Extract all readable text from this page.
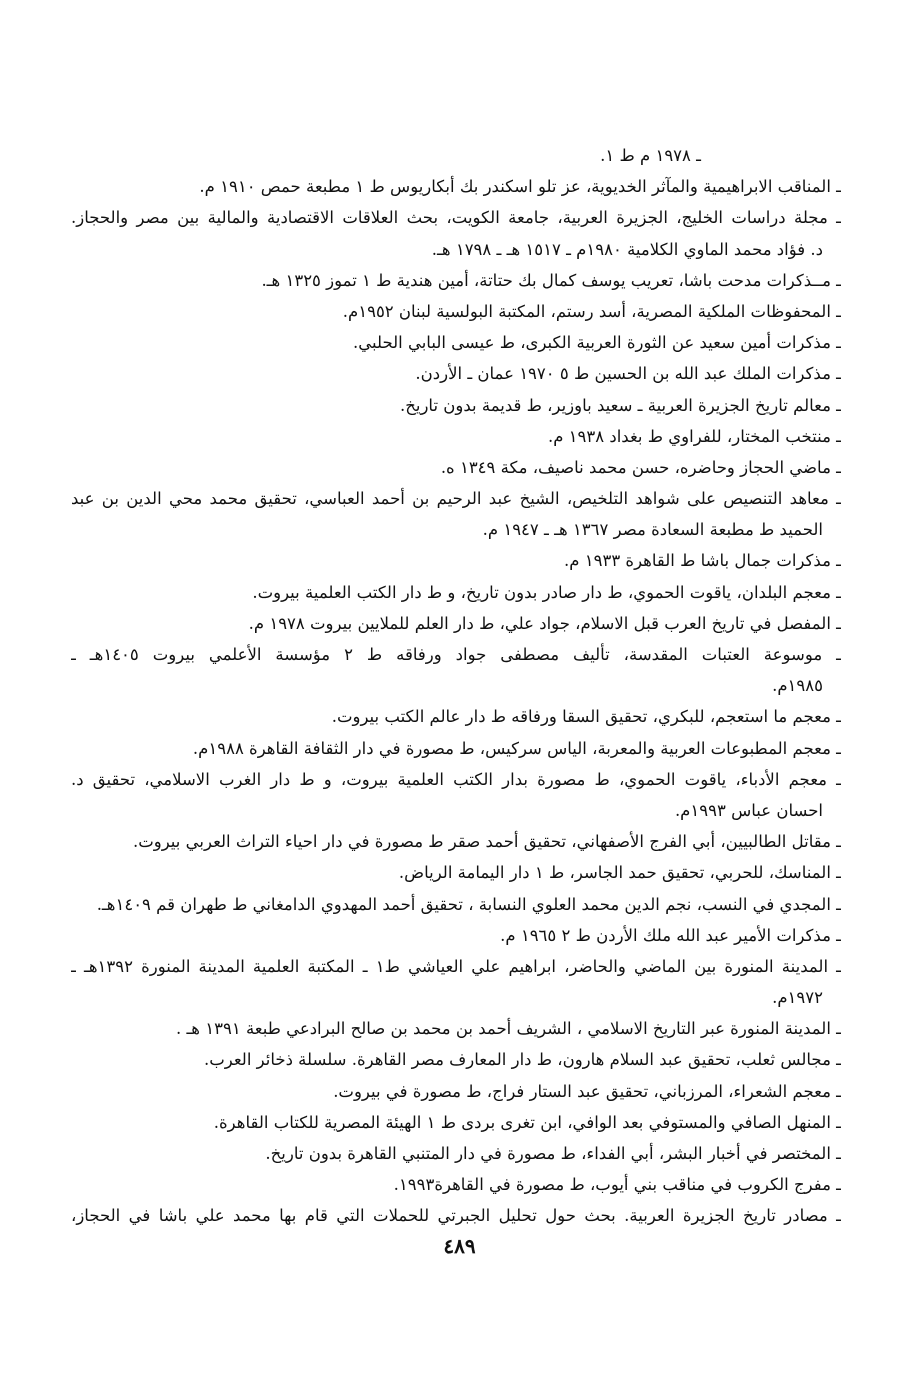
ـ ١٩٧٨ م ط ١.
ـ المناقب الابراهيمية والمآثر الخديوية، عز تلو اسكندر بك أبكاريوس ط ١ مطبعة حمص ١٩١٠ م.
ـ مجلة دراسات الخليج، الجزيرة العربية، جامعة الكويت، بحث العلاقات الاقتصادية والمالية بين مصر والحجاز.
د. فؤاد محمد الماوي الكلامية ١٩٨٠م ـ ١٥١٧ هـ ـ ١٧٩٨ هـ.
ـ مــذكرات مدحت باشا، تعريب يوسف كمال بك حتاتة، أمين هندية ط ١ تموز ١٣٢٥ هـ.
ـ المحفوظات الملكية المصرية، أسد رستم، المكتبة البولسية لبنان ١٩٥٢م.
ـ مذكرات أمين سعيد عن الثورة العربية الكبرى، ط عيسى البابي الحلبي.
ـ مذكرات الملك عبد الله بن الحسين ط ٥ ١٩٧٠ عمان ـ الأردن.
ـ معالم تاريخ الجزيرة العربية ـ سعيد باوزير، ط قديمة بدون تاريخ.
ـ منتخب المختار، للفراوي ط بغداد ١٩٣٨ م.
ـ ماضي الحجاز وحاضره، حسن محمد ناصيف، مكة ١٣٤٩ ه.
ـ معاهد التنصيص على شواهد التلخيص، الشيخ عبد الرحيم بن أحمد العباسي، تحقيق محمد محي الدين بن عبد
الحميد ط مطبعة السعادة مصر ١٣٦٧ هـ ـ ١٩٤٧ م.
ـ مذكرات جمال باشا ط القاهرة ١٩٣٣ م.
ـ معجم البلدان، ياقوت الحموي، ط دار صادر بدون تاريخ، و ط دار الكتب العلمية بيروت.
ـ المفصل في تاريخ العرب قبل الاسلام، جواد علي، ط دار العلم للملايين بيروت ١٩٧٨ م.
ـ موسوعة العتبات المقدسة، تأليف مصطفى جواد ورفاقه ط ٢ مؤسسة الأعلمي بيروت ١٤٠٥هـ ـ
١٩٨٥م.
ـ معجم ما استعجم، للبكري، تحقيق السقا ورفاقه ط دار عالم الكتب بيروت.
ـ معجم المطبوعات العربية والمعربة، الياس سركيس، ط مصورة في دار الثقافة القاهرة ١٩٨٨م.
ـ معجم الأدباء، ياقوت الحموي، ط مصورة بدار الكتب العلمية بيروت، و ط دار الغرب الاسلامي، تحقيق د.
احسان عباس ١٩٩٣م.
ـ مقاتل الطالبيين، أبي الفرج الأصفهاني، تحقيق أحمد صقر ط مصورة في دار احياء التراث العربي بيروت.
ـ المناسك، للحربي، تحقيق حمد الجاسر، ط ١ دار اليمامة الرياض.
ـ المجدي في النسب، نجم الدين محمد العلوي النسابة ، تحقيق أحمد المهدوي الدامغاني ط طهران قم ١٤٠٩هـ.
ـ مذكرات الأمير عبد الله ملك الأردن ط ٢ ١٩٦٥ م.
ـ المدينة المنورة بين الماضي والحاضر، ابراهيم علي العياشي ط١ ـ المكتبة العلمية المدينة المنورة ١٣٩٢هـ ـ
١٩٧٢م.
ـ المدينة المنورة عبر التاريخ الاسلامي ، الشريف أحمد بن محمد بن صالح البرادعي طبعة ١٣٩١ هـ .
ـ مجالس ثعلب، تحقيق عبد السلام هارون، ط دار المعارف مصر القاهرة. سلسلة ذخائر العرب.
ـ معجم الشعراء، المرزباني، تحقيق عبد الستار فراج، ط مصورة في بيروت.
ـ المنهل الصافي والمستوفي بعد الوافي، ابن تغرى بردى ط ١ الهيئة المصرية للكتاب القاهرة.
ـ المختصر في أخبار البشر، أبي الفداء، ط مصورة في دار المتنبي القاهرة بدون تاريخ.
ـ مفرج الكروب في مناقب بني أيوب، ط مصورة في القاهرة١٩٩٣.
ـ مصادر تاريخ الجزيرة العربية. بحث حول تحليل الجبرتي للحملات التي قام بها محمد علي باشا في الحجاز،
٤٨٩
